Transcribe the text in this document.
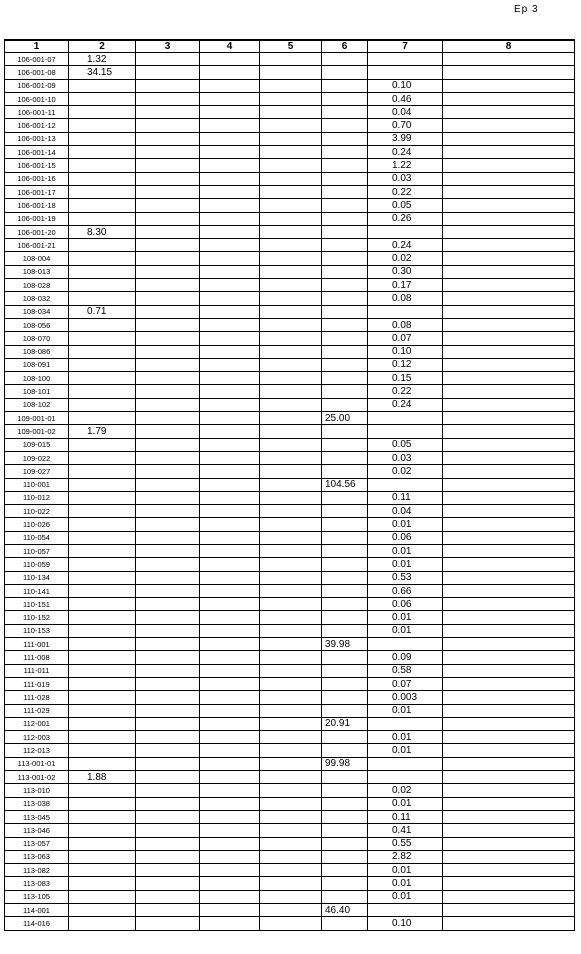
Ep 3
1	2	3	4	5	6	7	8
106-001-07	1.32						
106-001-08	34.15						
106-001-09						0.10	
106-001-10						0.46	
106-001-11						0.04	
106-001-12						0.70	
106-001-13						3.99	
106-001-14						0.24	
106-001-15						1.22	
106-001-16						0.03	
106-001-17						0.22	
106-001-18						0.05	
106-001-19						0.26	
106-001-20	8.30						
106-001-21						0.24	
108-004						0.02	
108-013						0.30	
108-028						0.17	
108-032						0.08	
108-034	0.71						
108-056						0.08	
108-070						0.07	
108-086						0.10	
108-091						0.12	
108-100						0.15	
108-101						0.22	
108-102						0.24	
109-001-01					25.00		
109-001-02	1.79						
109-015						0.05	
109-022						0.03	
109-027						0.02	
110-001					104.56		
110-012						0.11	
110-022						0.04	
110-026						0.01	
110-054						0.06	
110-057						0.01	
110-059						0.01	
110-134						0.53	
110-141						0.66	
110-151						0.06	
110-152						0.01	
110-153						0.01	
111-001					39.98		
111-008						0.09	
111-011						0.58	
111-019						0.07	
111-028						0.003	
111-029						0.01	
112-001					20.91		
112-003						0.01	
112-013						0.01	
113-001-01					99.98		
113-001-02	1.88						
113-010						0.02	
113-038						0.01	
113-045						0.11	
113-046						0.41	
113-057						0.55	
113-063						2.82	
113-082						0.01	
113-083						0.01	
113-105						0.01	
114-001					46.40		
114-016						0.10	
